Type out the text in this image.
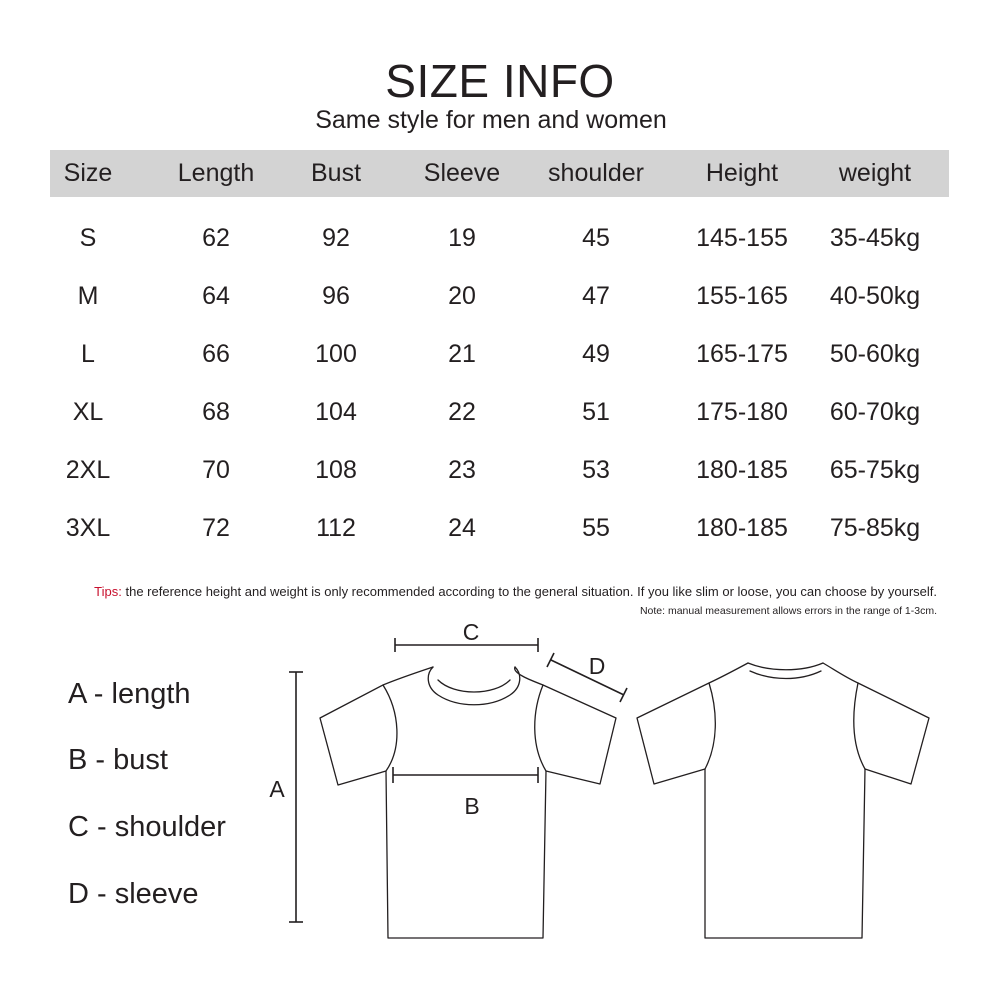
SIZE INFO
Same style for men and women
Size	Length	Bust	Sleeve	shoulder	Height	weight
S	62	92	19	45	145-155	35-45kg
M	64	96	20	47	155-165	40-50kg
L	66	100	21	49	165-175	50-60kg
XL	68	104	22	51	175-180	60-70kg
2XL	70	108	23	53	180-185	65-75kg
3XL	72	112	24	55	180-185	75-85kg
Tips: the reference height and weight is only recommended according to the general situation. If you like slim or loose, you can choose by yourself.
Note: manual measurement allows errors in the range of 1-3cm.
A - length
B - bust
C - shoulder
D - sleeve
C
D
A
B
